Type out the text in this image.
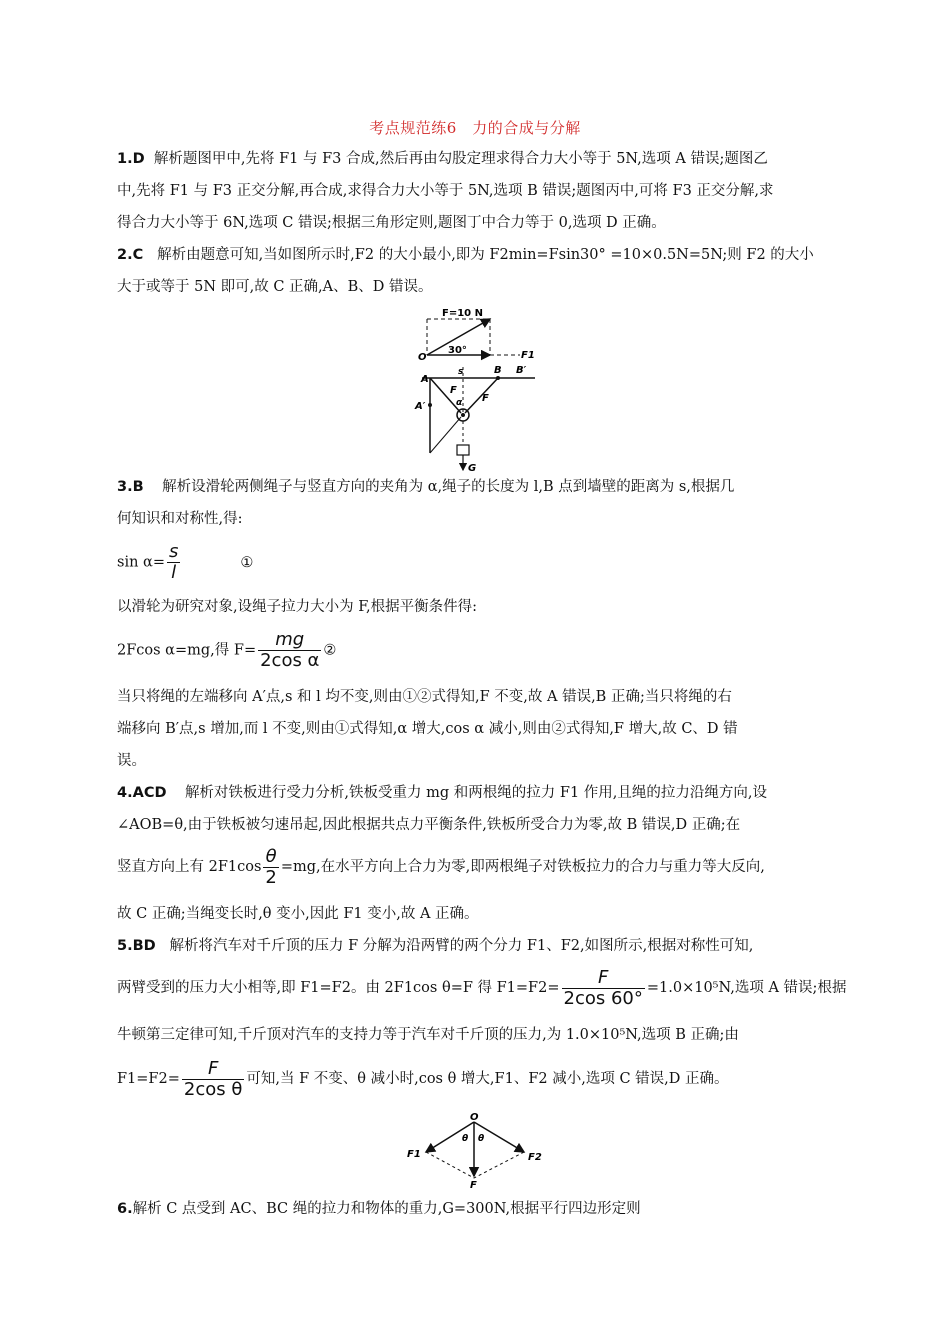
考点规范练6　力的合成与分解
1.D 解析题图甲中,先将 F1 与 F3 合成,然后再由勾股定理求得合力大小等于 5N,选项 A 错误;题图乙
中,先将 F1 与 F3 正交分解,再合成,求得合力大小等于 5N,选项 B 错误;题图丙中,可将 F3 正交分解,求
得合力大小等于 6N,选项 C 错误;根据三角形定则,题图丁中合力等于 0,选项 D 正确。
2.C 解析由题意可知,当如图所示时,F2 的大小最小,即为 F2min=Fsin30° =10×0.5N=5N;则 F2 的大小
大于或等于 5N 即可,故 C 正确,A、B、D 错误。
F=10 N
30°
O	F1
A
A′
B B′
s
F
α F
G
3.B 解析设滑轮两侧绳子与竖直方向的夹角为 α,绳子的长度为 l,B 点到墙壁的距离为 s,根据几
何知识和对称性,得:
$\sin \alpha= \frac{s}{l}$	①
以滑轮为研究对象,设绳子拉力大小为 F,根据平衡条件得:
2Fcos α=mg,得 $F= \frac{mg}{\text{2cos α}}$ ②
当只将绳的左端移向 A′点,s 和 l 均不变,则由①②式得知,F 不变,故 A 错误,B 正确;当只将绳的右
端移向 B′点,s 增加,而 l 不变,则由①式得知,α 增大,cos α 减小,则由②式得知,F 增大,故 C、D 错
误。
4.ACD 解析对铁板进行受力分析,铁板受重力 mg 和两根绳的拉力 F1 作用,且绳的拉力沿绳方向,设
∠AOB=θ,由于铁板被匀速吊起,因此根据共点力平衡条件,铁板所受合力为零,故 B 错误,D 正确;在
竖直方向上有 $2F1\cos \frac{\theta}{2} =mg$,在水平方向上合力为零,即两根绳子对铁板拉力的合力与重力等大反向,
故 C 正确;当绳变长时,θ 变小,因此 F1 变小,故 A 正确。
5.BD 解析将汽车对千斤顶的压力 F 分解为沿两臂的两个分力 F1、F2,如图所示,根据对称性可知,
两臂受到的压力大小相等,即 F1=F2。由 2F1cos θ=F 得 $F1=F2= \frac{F}{2\cos 60^\circ} =1.0\times 10^5N$,选项 A 错误;根据
牛顿第三定律可知,千斤顶对汽车的支持力等于汽车对千斤顶的压力,为 1.0×10⁵N,选项 B 正确;由
$F1=F2= \frac{F}{\text{2cos θ}}$ 可知,当 F 不变、θ 减小时,cos θ 增大,F1、F2 减小,选项 C 错误,D 正确。
O
θ θ
F1	F2
F
6.解析 C 点受到 AC、BC 绳的拉力和物体的重力,G=300N,根据平行四边形定则
